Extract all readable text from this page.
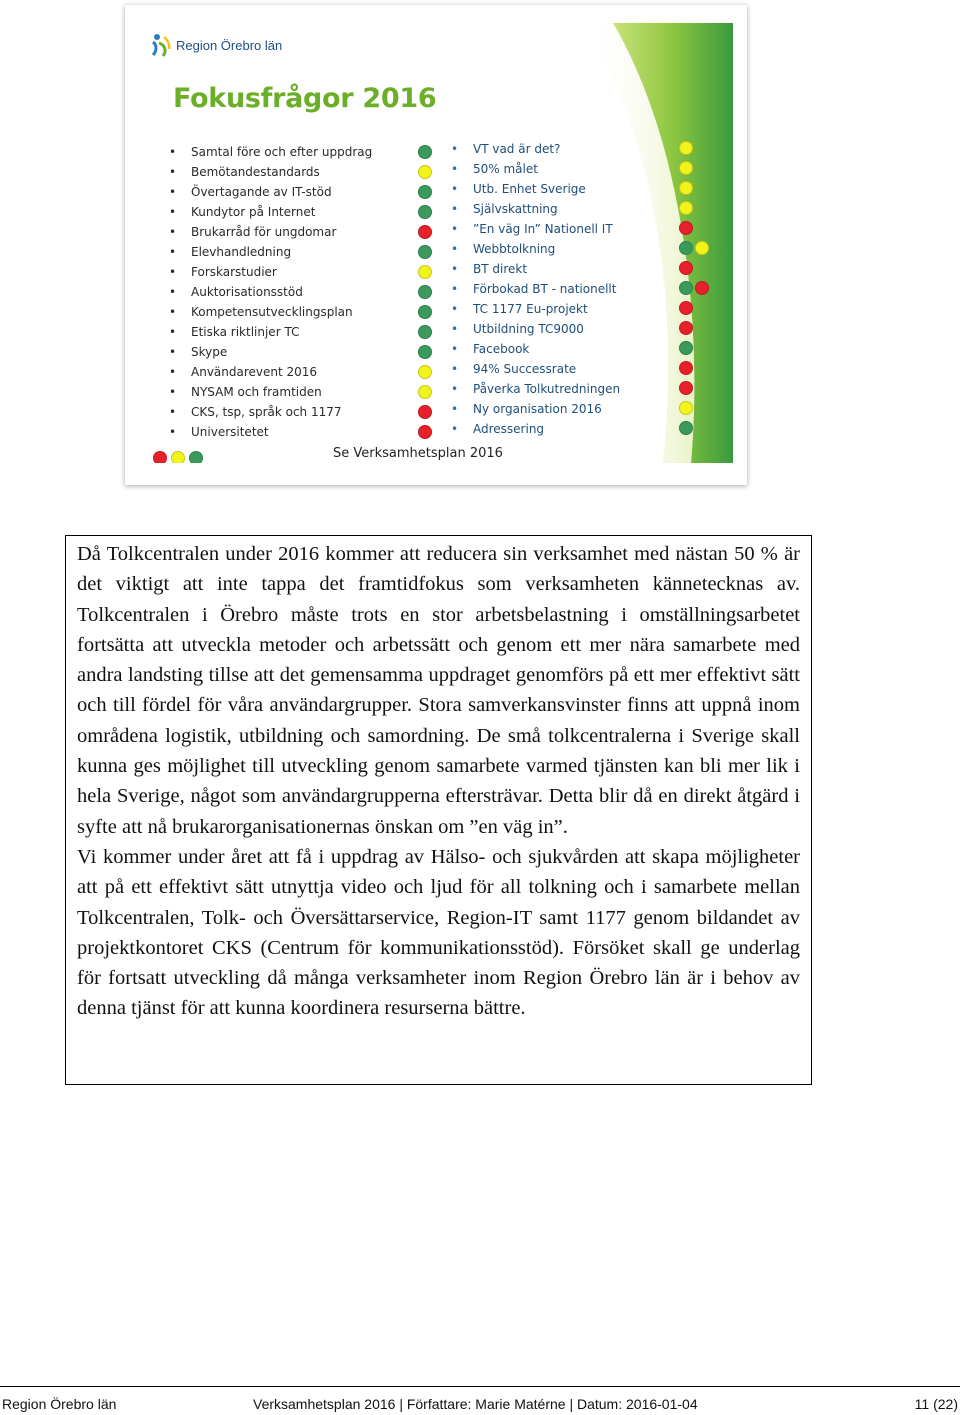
Region Örebro län
Fokusfrågor 2016
• Samtal före och efter uppdrag
• Bemötandestandards
• Övertagande av IT-stöd
• Kundytor på Internet
• Brukarråd för ungdomar
• Elevhandledning
• Forskarstudier
• Auktorisationsstöd
• Kompetensutvecklingsplan
• Etiska riktlinjer TC
• Skype
• Användarevent 2016
• NYSAM och framtiden
• CKS, tsp, språk och 1177
• Universitetet
• VT vad är det?
• 50% målet
• Utb. Enhet Sverige
• Självskattning
• ”En väg In” Nationell IT
• Webbtolkning
• BT direkt
• Förbokad BT - nationellt
• TC 1177 Eu-projekt
• Utbildning TC9000
• Facebook
• 94% Successrate
• Påverka Tolkutredningen
• Ny organisation 2016
• Adressering
Se Verksamhetsplan 2016

Då Tolkcentralen under 2016 kommer att reducera sin verksamhet med nästan 50 % är det viktigt att inte tappa det framtidfokus som verksamheten kännetecknas av. Tolkcentralen i Örebro måste trots en stor arbetsbelastning i omställningsarbetet fortsätta att utveckla metoder och arbetssätt och genom ett mer nära samarbete med andra landsting tillse att det gemensamma uppdraget genomförs på ett mer effektivt sätt och till fördel för våra användargrupper. Stora samverkansvinster finns att uppnå inom områdena logistik, utbildning och samordning. De små tolkcentralerna i Sverige skall kunna ges möjlighet till utveckling genom samarbete varmed tjänsten kan bli mer lik i hela Sverige, något som användargrupperna eftersträvar. Detta blir då en direkt åtgärd i syfte att nå brukarorganisationernas önskan om ”en väg in”.

Vi kommer under året att få i uppdrag av Hälso- och sjukvården att skapa möjligheter att på ett effektivt sätt utnyttja video och ljud för all tolkning och i samarbete mellan Tolkcentralen, Tolk- och Översättarservice, Region-IT samt 1177 genom bildandet av projektkontoret CKS (Centrum för kommunikationsstöd). Försöket skall ge underlag för fortsatt utveckling då många verksamheter inom Region Örebro län är i behov av denna tjänst för att kunna koordinera resurserna bättre.

Region Örebro län	Verksamhetsplan 2016 | Författare: Marie Matérne | Datum: 2016-01-04	11 (22)
